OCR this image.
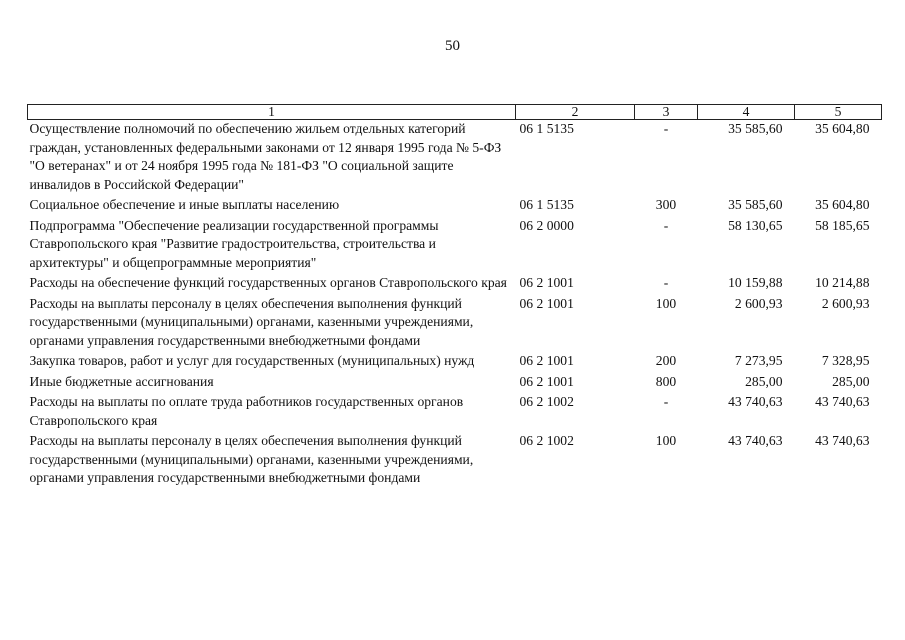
50
1	2	3	4	5
Осуществление полномочий по обеспечению жильем отдельных категорий граждан, установленных федеральными законами от 12 января 1995 года № 5-ФЗ "О ветеранах" и от 24 ноября 1995 года № 181-ФЗ "О социальной защите инвалидов в Российской Федерации"	06 1 5135	-	35 585,60	35 604,80
Социальное обеспечение и иные выплаты населению	06 1 5135	300	35 585,60	35 604,80
Подпрограмма "Обеспечение реализации государственной программы Ставропольского края "Развитие градостроительства, строительства и архитектуры" и общепрограммные мероприятия"	06 2 0000	-	58 130,65	58 185,65
Расходы на обеспечение функций государственных органов Ставропольского края	06 2 1001	-	10 159,88	10 214,88
Расходы на выплаты персоналу в целях обеспечения выполнения функций государственными (муниципальными) органами, казенными учреждениями, органами управления государственными внебюджетными фондами	06 2 1001	100	2 600,93	2 600,93
Закупка товаров, работ и услуг для государственных (муниципальных) нужд	06 2 1001	200	7 273,95	7 328,95
Иные бюджетные ассигнования	06 2 1001	800	285,00	285,00
Расходы на выплаты по оплате труда работников государственных органов Ставропольского края	06 2 1002	-	43 740,63	43 740,63
Расходы на выплаты персоналу в целях обеспечения выполнения функций государственными (муниципальными) органами, казенными учреждениями, органами управления государственными внебюджетными фондами	06 2 1002	100	43 740,63	43 740,63
